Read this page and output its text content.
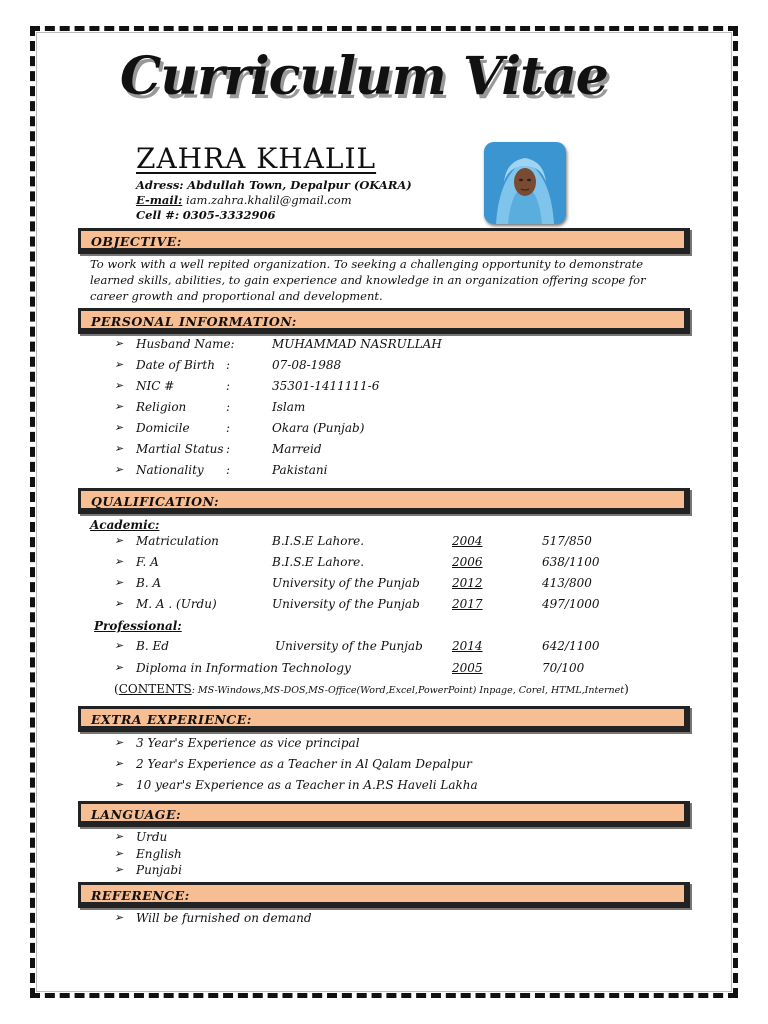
Curriculum Vitae
ZAHRA KHALIL
Adress: Abdullah Town, Depalpur (OKARA)
E-mail: iam.zahra.khalil@gmail.com
Cell #: 0305-3332906
OBJECTIVE:
To work with a well repited organization. To seeking a challenging opportunity to demonstrate learned skills, abilities, to gain experience and knowledge in an organization offering scope for career growth and proportional and development.
PERSONAL INFORMATION:
➢ Husband Name:	MUHAMMAD NASRULLAH
➢ Date of Birth :	07-08-1988
➢ NIC #	:	35301-1411111-6
➢ Religion	:	Islam
➢ Domicile	:	Okara (Punjab)
➢ Martial Status :	Marreid
➢ Nationality :	Pakistani
QUALIFICATION:
Academic:
➢ Matriculation	B.I.S.E Lahore.	2004	517/850
➢ F. A	B.I.S.E Lahore.	2006	638/1100
➢ B. A	University of the Punjab	2012	413/800
➢ M. A . (Urdu)	University of the Punjab	2017	497/1000
Professional:
➢ B. Ed	University of the Punjab 2014	642/1100
➢ Diploma in Information Technology	2005	70/100
(CONTENTS: MS-Windows,MS-DOS,MS-Office(Word,Excel,PowerPoint) Inpage, Corel, HTML,Internet)
EXTRA EXPERIENCE:
➢ 3 Year's Experience as vice principal
➢ 2 Year's Experience as a Teacher in Al Qalam Depalpur
➢ 10 year's Experience as a Teacher in A.P.S Haveli Lakha
LANGUAGE:
➢ Urdu
➢ English
➢ Punjabi
REFERENCE:
➢ Will be furnished on demand
